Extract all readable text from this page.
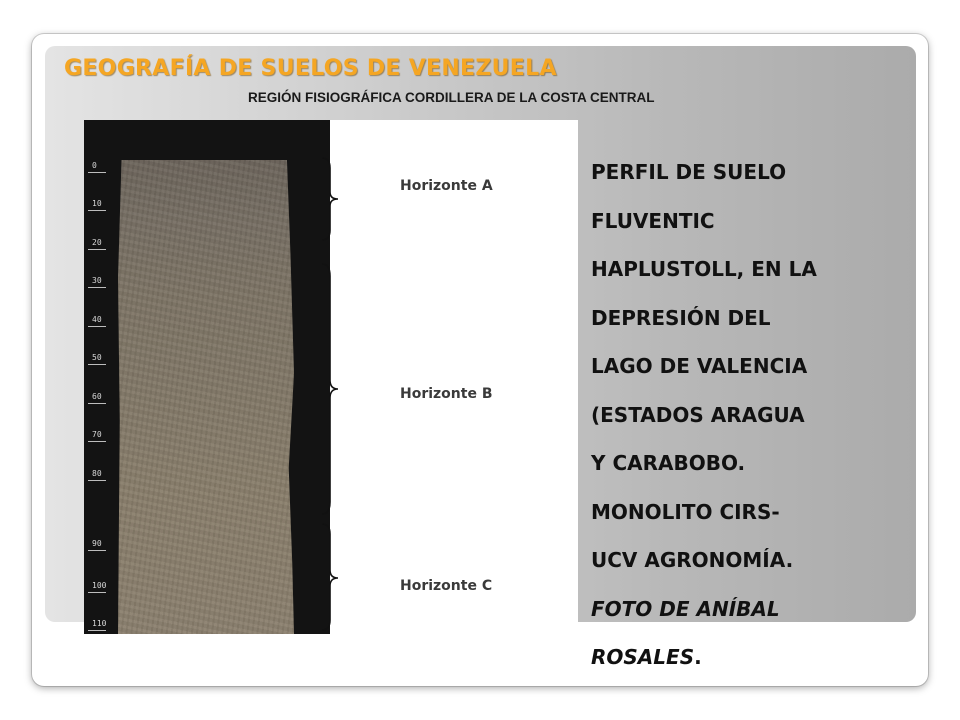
GEOGRAFÍA DE SUELOS DE VENEZUELA
REGIÓN FISIOGRÁFICA CORDILLERA DE LA COSTA CENTRAL
0
10
20
30
40
50
60
70
80
90
100
110
Horizonte A
Horizonte B
Horizonte C
PERFIL DE SUELO
FLUVENTIC
HAPLUSTOLL, EN LA
DEPRESIÓN DEL
LAGO DE VALENCIA
(ESTADOS ARAGUA
Y CARABOBO.
MONOLITO CIRS-
UCV AGRONOMÍA.
FOTO DE ANÍBAL
ROSALES.
